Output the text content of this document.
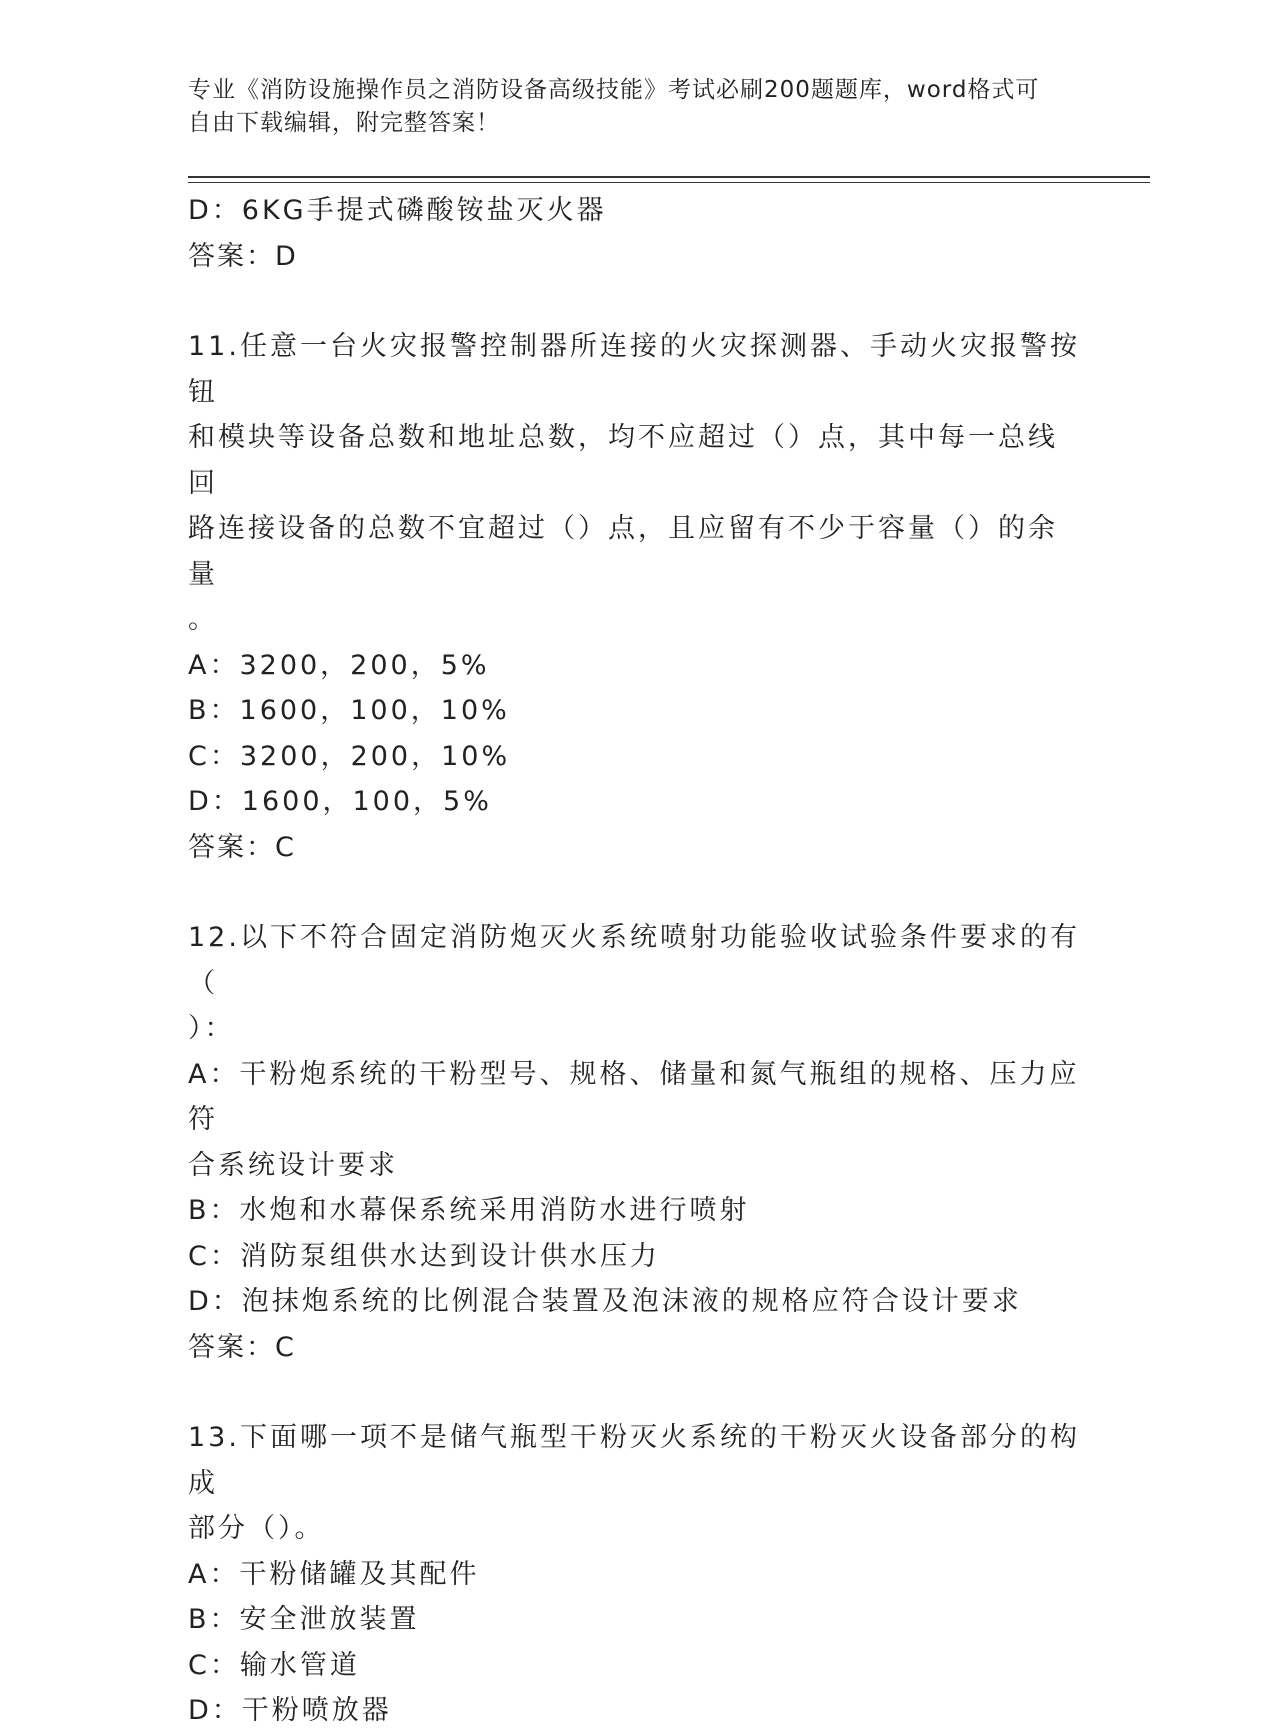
专业《消防设施操作员之消防设备高级技能》考试必刷200题题库，word格式可
自由下载编辑，附完整答案！
D：6KG手提式磷酸铵盐灭火器
答案：D
11.任意一台火灾报警控制器所连接的火灾探测器、手动火灾报警按钮
和模块等设备总数和地址总数，均不应超过（）点，其中每一总线回
路连接设备的总数不宜超过（）点，且应留有不少于容量（）的余量
。
A：3200，200，5%
B：1600，100，10%
C：3200，200，10%
D：1600，100，5%
答案：C
12.以下不符合固定消防炮灭火系统喷射功能验收试验条件要求的有（
）：
A：干粉炮系统的干粉型号、规格、储量和氮气瓶组的规格、压力应符
合系统设计要求
B：水炮和水幕保系统采用消防水进行喷射
C：消防泵组供水达到设计供水压力
D：泡抹炮系统的比例混合装置及泡沫液的规格应符合设计要求
答案：C
13.下面哪一项不是储气瓶型干粉灭火系统的干粉灭火设备部分的构成
部分（）。
A：干粉储罐及其配件
B：安全泄放装置
C：输水管道
D：干粉喷放器
